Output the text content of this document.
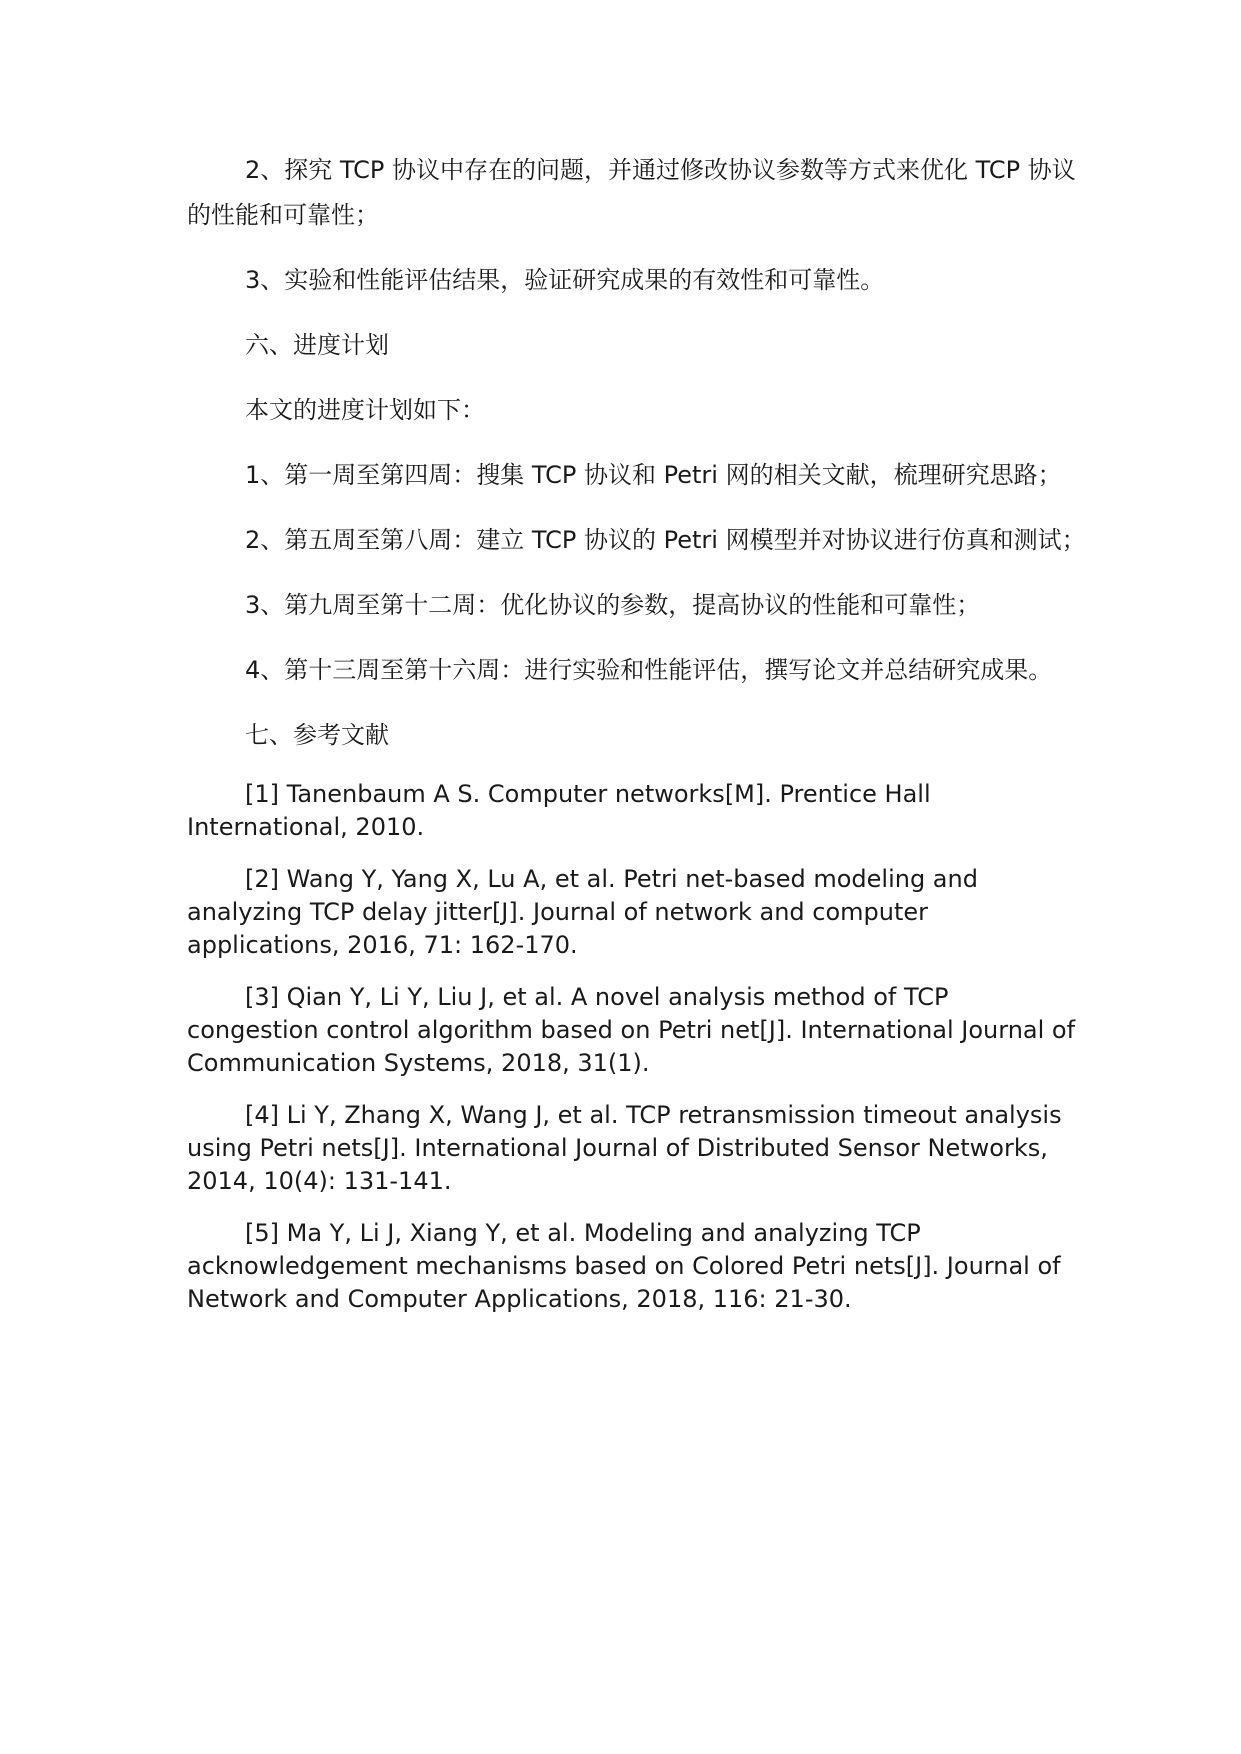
2、探究 TCP 协议中存在的问题，并通过修改协议参数等方式来优化 TCP 协议的性能和可靠性；

3、实验和性能评估结果，验证研究成果的有效性和可靠性。

六、进度计划

本文的进度计划如下：

1、第一周至第四周：搜集 TCP 协议和 Petri 网的相关文献，梳理研究思路；

2、第五周至第八周：建立 TCP 协议的 Petri 网模型并对协议进行仿真和测试；

3、第九周至第十二周：优化协议的参数，提高协议的性能和可靠性；

4、第十三周至第十六周：进行实验和性能评估，撰写论文并总结研究成果。

七、参考文献

[1] Tanenbaum A S. Computer networks[M]. Prentice Hall International, 2010.

[2] Wang Y, Yang X, Lu A, et al. Petri net-based modeling and analyzing TCP delay jitter[J]. Journal of network and computer applications, 2016, 71: 162-170.

[3] Qian Y, Li Y, Liu J, et al. A novel analysis method of TCP congestion control algorithm based on Petri net[J]. International Journal of Communication Systems, 2018, 31(1).

[4] Li Y, Zhang X, Wang J, et al. TCP retransmission timeout analysis using Petri nets[J]. International Journal of Distributed Sensor Networks, 2014, 10(4): 131-141.

[5] Ma Y, Li J, Xiang Y, et al. Modeling and analyzing TCP acknowledgement mechanisms based on Colored Petri nets[J]. Journal of Network and Computer Applications, 2018, 116: 21-30.
